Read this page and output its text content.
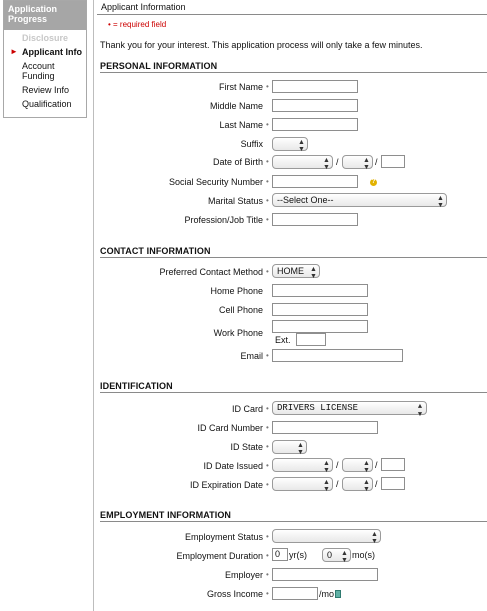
Application Progress
Disclosure
► Applicant Info
Account Funding
Review Info
Qualification
Applicant Information
• = required field
Thank you for your interest. This application process will only take a few minutes.
PERSONAL INFORMATION
First Name •
Middle Name
Last Name •
Suffix	▲▼
Date of Birth •	▲▼ /	▲▼ /
Social Security Number •	?
Marital Status • --Select One--	▲▼
Profession/Job Title •
CONTACT INFORMATION
Preferred Contact Method • HOME ▲▼
Home Phone
Cell Phone
Work Phone
Ext.
Email •
IDENTIFICATION
ID Card • DRIVERS LICENSE	▲▼
ID Card Number •
ID State •	▲▼
ID Date Issued •	▲▼ /	▲▼ /
ID Expiration Date •	▲▼ /	▲▼ /
EMPLOYMENT INFORMATION
Employment Status •	▲▼
Employment Duration • 0 yr(s)	0 ▲▼ mo(s)
Employer •
Gross Income •	/mo
